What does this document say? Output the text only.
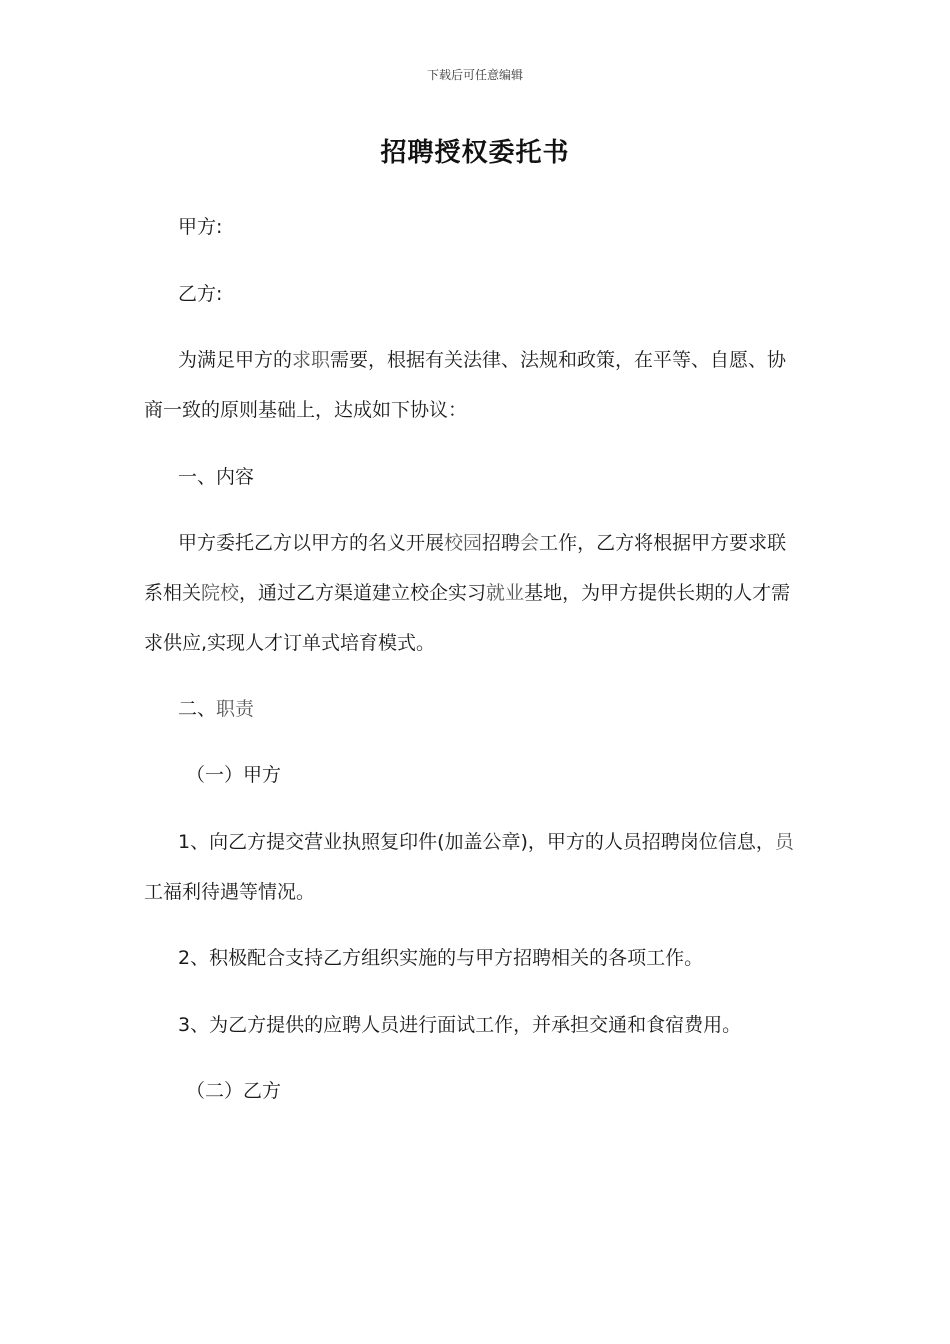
下载后可任意编辑
招聘授权委托书
甲方:
乙方:
为满足甲方的求职需要，根据有关法律、法规和政策，在平等、自愿、协
商一致的原则基础上，达成如下协议：
一、内容
甲方委托乙方以甲方的名义开展校园招聘会工作，乙方将根据甲方要求联
系相关院校，通过乙方渠道建立校企实习就业基地，为甲方提供长期的人才需
求供应,实现人才订单式培育模式。
二、职责
（一）甲方
1、向乙方提交营业执照复印件(加盖公章)，甲方的人员招聘岗位信息，员
工福利待遇等情况。
2、积极配合支持乙方组织实施的与甲方招聘相关的各项工作。
3、为乙方提供的应聘人员进行面试工作，并承担交通和食宿费用。
（二）乙方
